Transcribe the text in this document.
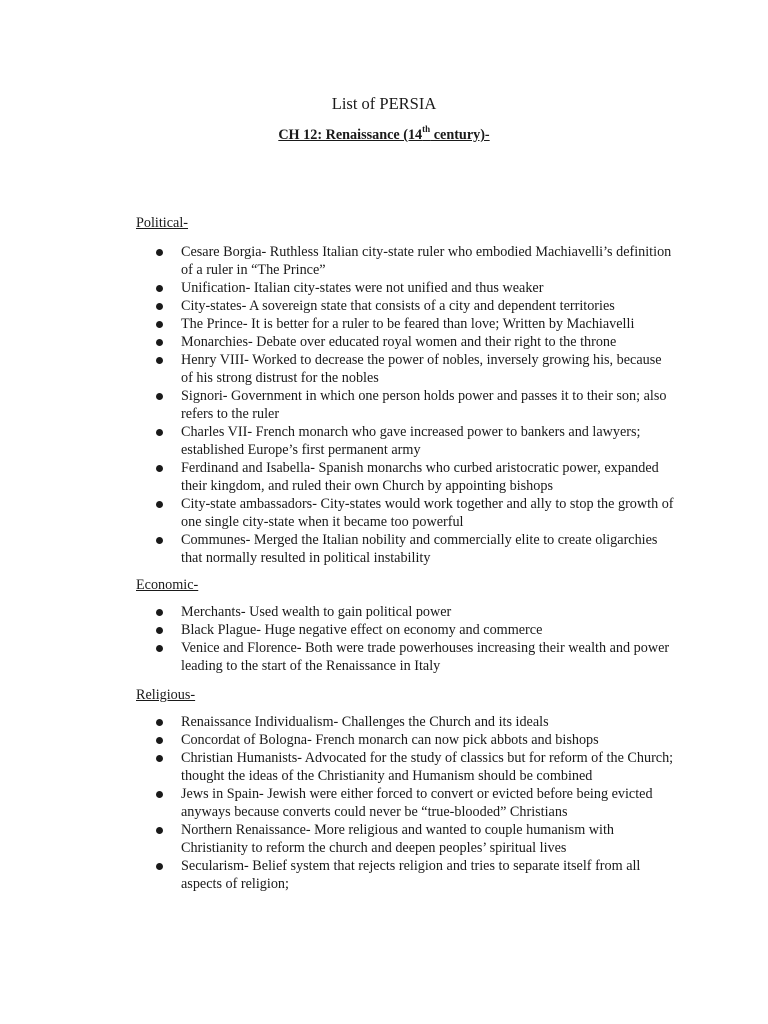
List of PERSIA
CH 12: Renaissance (14th century)-
Political-
Cesare Borgia- Ruthless Italian city-state ruler who embodied Machiavelli’s definition of a ruler in “The Prince”
Unification- Italian city-states were not unified and thus weaker
City-states- A sovereign state that consists of a city and dependent territories
The Prince- It is better for a ruler to be feared than love; Written by Machiavelli
Monarchies- Debate over educated royal women and their right to the throne
Henry VIII- Worked to decrease the power of nobles, inversely growing his, because of his strong distrust for the nobles
Signori- Government in which one person holds power and passes it to their son; also refers to the ruler
Charles VII- French monarch who gave increased power to bankers and lawyers; established Europe’s first permanent army
Ferdinand and Isabella- Spanish monarchs who curbed aristocratic power, expanded their kingdom, and ruled their own Church by appointing bishops
City-state ambassadors- City-states would work together and ally to stop the growth of one single city-state when it became too powerful
Communes- Merged the Italian nobility and commercially elite to create oligarchies that normally resulted in political instability
Economic-
Merchants- Used wealth to gain political power
Black Plague- Huge negative effect on economy and commerce
Venice and Florence- Both were trade powerhouses increasing their wealth and power leading to the start of the Renaissance in Italy
Religious-
Renaissance Individualism- Challenges the Church and its ideals
Concordat of Bologna- French monarch can now pick abbots and bishops
Christian Humanists- Advocated for the study of classics but for reform of the Church; thought the ideas of the Christianity and Humanism should be combined
Jews in Spain- Jewish were either forced to convert or evicted before being evicted anyways because converts could never be “true-blooded” Christians
Northern Renaissance- More religious and wanted to couple humanism with Christianity to reform the church and deepen peoples’ spiritual lives
Secularism- Belief system that rejects religion and tries to separate itself from all aspects of religion;
